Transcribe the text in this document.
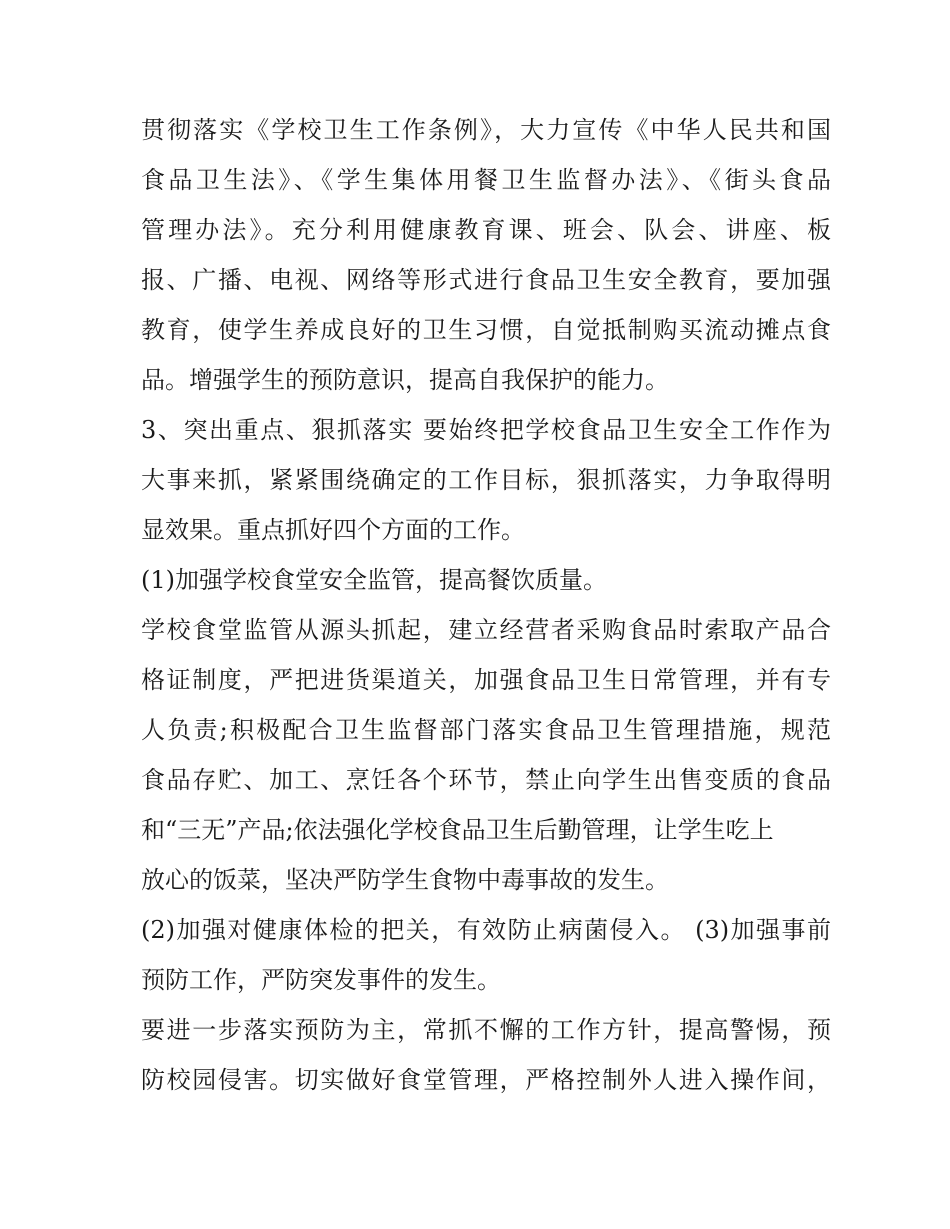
贯彻落实《学校卫生工作条例》，大力宣传《中华人民共和国
食品卫生法》、《学生集体用餐卫生监督办法》、《街头食品
管理办法》。充分利用健康教育课、班会、队会、讲座、板
报、广播、电视、网络等形式进行食品卫生安全教育，要加强
教育，使学生养成良好的卫生习惯，自觉抵制购买流动摊点食
品。增强学生的预防意识，提高自我保护的能力。
3、突出重点、狠抓落实 要始终把学校食品卫生安全工作作为
大事来抓，紧紧围绕确定的工作目标，狠抓落实，力争取得明
显效果。重点抓好四个方面的工作。
(1)加强学校食堂安全监管，提高餐饮质量。
学校食堂监管从源头抓起，建立经营者采购食品时索取产品合
格证制度，严把进货渠道关，加强食品卫生日常管理，并有专
人负责;积极配合卫生监督部门落实食品卫生管理措施，规范
食品存贮、加工、烹饪各个环节，禁止向学生出售变质的食品
和“三无”产品;依法强化学校食品卫生后勤管理，让学生吃上
放心的饭菜，坚决严防学生食物中毒事故的发生。
(2)加强对健康体检的把关，有效防止病菌侵入。 (3)加强事前
预防工作，严防突发事件的发生。
要进一步落实预防为主，常抓不懈的工作方针，提高警惕，预
防校园侵害。切实做好食堂管理，严格控制外人进入操作间，
